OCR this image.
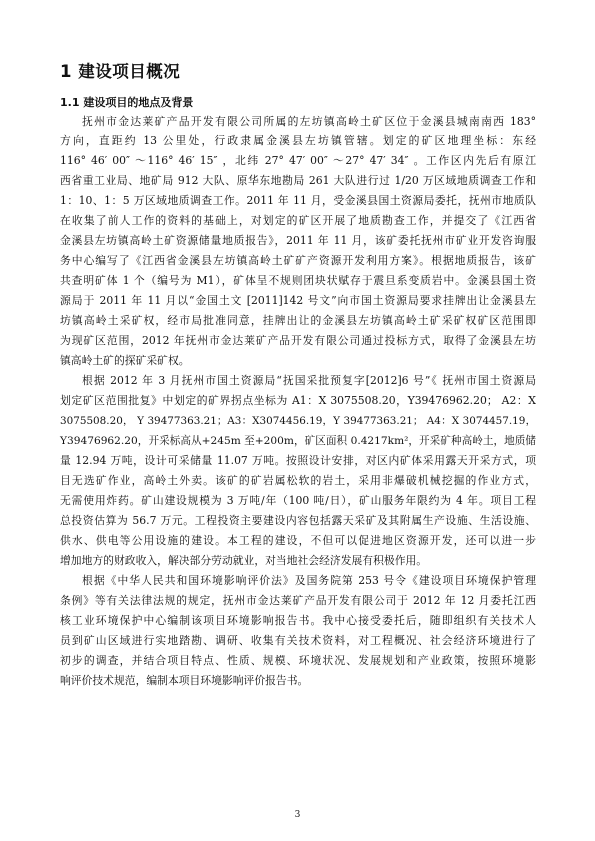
1 建设项目概况
1.1 建设项目的地点及背景
抚州市金达莱矿产品开发有限公司所属的左坊镇高岭土矿区位于金溪县城南南西 183°
方向，直距约 13 公里处，行政隶属金溪县左坊镇管辖。划定的矿区地理坐标：东经
116° 46′ 00″ ～116° 46′ 15″ ，北纬 27° 47′ 00″ ～27° 47′ 34″ 。工作区内先后有原江
西省重工业局、地矿局 912 大队、原华东地勘局 261 大队进行过 1/20 万区域地质调查工作和
1：10、1：5 万区域地质调查工作。2011 年 11 月，受金溪县国土资源局委托，抚州市地质队
在收集了前人工作的资料的基础上，对划定的矿区开展了地质勘查工作，并提交了《江西省
金溪县左坊镇高岭土矿资源储量地质报告》，2011 年 11 月，该矿委托抚州市矿业开发咨询服
务中心编写了《江西省金溪县左坊镇高岭土矿矿产资源开发利用方案》。根据地质报告，该矿
共查明矿体 1 个（编号为 M1），矿体呈不规则团块状赋存于震旦系变质岩中。金溪县国土资
源局于 2011 年 11 月以“金国土文 [2011]142 号文”向市国土资源局要求挂牌出让金溪县左
坊镇高岭土采矿权，经市局批准同意，挂牌出让的金溪县左坊镇高岭土矿采矿权矿区范围即
为现矿区范围，2012 年抚州市金达莱矿产品开发有限公司通过投标方式，取得了金溪县左坊
镇高岭土矿的探矿采矿权。
根据 2012 年 3 月抚州市国土资源局“抚国采批预复字[2012]6 号”《 抚州市国土资源局
划定矿区范围批复》中划定的矿界拐点坐标为 A1：X 3075508.20，Y39476962.20； A2：X
3075508.20， Y 39477363.21；A3：X3074456.19，Y 39477363.21； A4：X 3074457.19，
Y39476962.20，开采标高从+245m 至+200m，矿区面积 0.4217km²，开采矿种高岭土，地质储
量 12.94 万吨，设计可采储量 11.07 万吨。按照设计安排，对区内矿体采用露天开采方式，项
目无选矿作业，高岭土外卖。该矿的矿岩属松软的岩土，采用非爆破机械挖掘的作业方式，
无需使用炸药。矿山建设规模为 3 万吨/年（100 吨/日），矿山服务年限约为 4 年。项目工程
总投资估算为 56.7 万元。工程投资主要建设内容包括露天采矿及其附属生产设施、生活设施、
供水、供电等公用设施的建设。本工程的建设，不但可以促进地区资源开发，还可以进一步
增加地方的财政收入，解决部分劳动就业，对当地社会经济发展有积极作用。
根据《中华人民共和国环境影响评价法》及国务院第 253 号令《建设项目环境保护管理
条例》等有关法律法规的规定，抚州市金达莱矿产品开发有限公司于 2012 年 12 月委托江西
核工业环境保护中心编制该项目环境影响报告书。我中心接受委托后，随即组织有关技术人
员到矿山区域进行实地踏勘、调研、收集有关技术资料，对工程概况、社会经济环境进行了
初步的调查，并结合项目特点、性质、规模、环境状况、发展规划和产业政策，按照环境影
响评价技术规范，编制本项目环境影响评价报告书。
3
